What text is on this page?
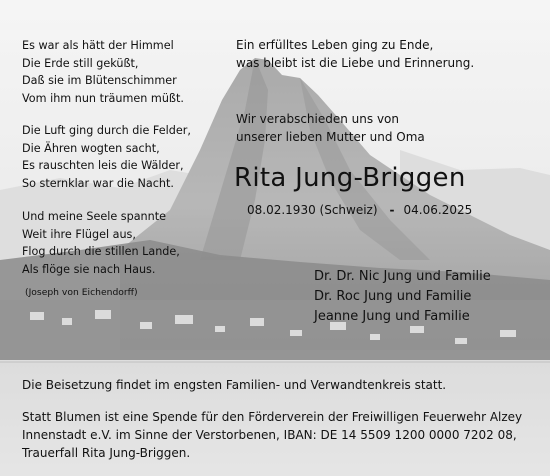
Es war als hätt der Himmel
Die Erde still geküßt,
Daß sie im Blütenschimmer
Vom ihm nun träumen müßt.
Die Luft ging durch die Felder,
Die Ähren wogten sacht,
Es rauschten leis die Wälder,
So sternklar war die Nacht.
Und meine Seele spannte
Weit ihre Flügel aus,
Flog durch die stillen Lande,
Als flöge sie nach Haus.
(Joseph von Eichendorff)
Ein erfülltes Leben ging zu Ende,
was bleibt ist die Liebe und Erinnerung.
Wir verabschieden uns von
unserer lieben Mutter und Oma
Rita Jung-Briggen
08.02.1930 (Schweiz) - 04.06.2025
Dr. Dr. Nic Jung und Familie
Dr. Roc Jung und Familie
Jeanne Jung und Familie
Die Beisetzung findet im engsten Familien- und Verwandtenkreis statt.
Statt Blumen ist eine Spende für den Förderverein der Freiwilligen Feuerwehr Alzey
Innenstadt e.V. im Sinne der Verstorbenen, IBAN: DE 14 5509 1200 0000 7202 08,
Trauerfall Rita Jung-Briggen.
